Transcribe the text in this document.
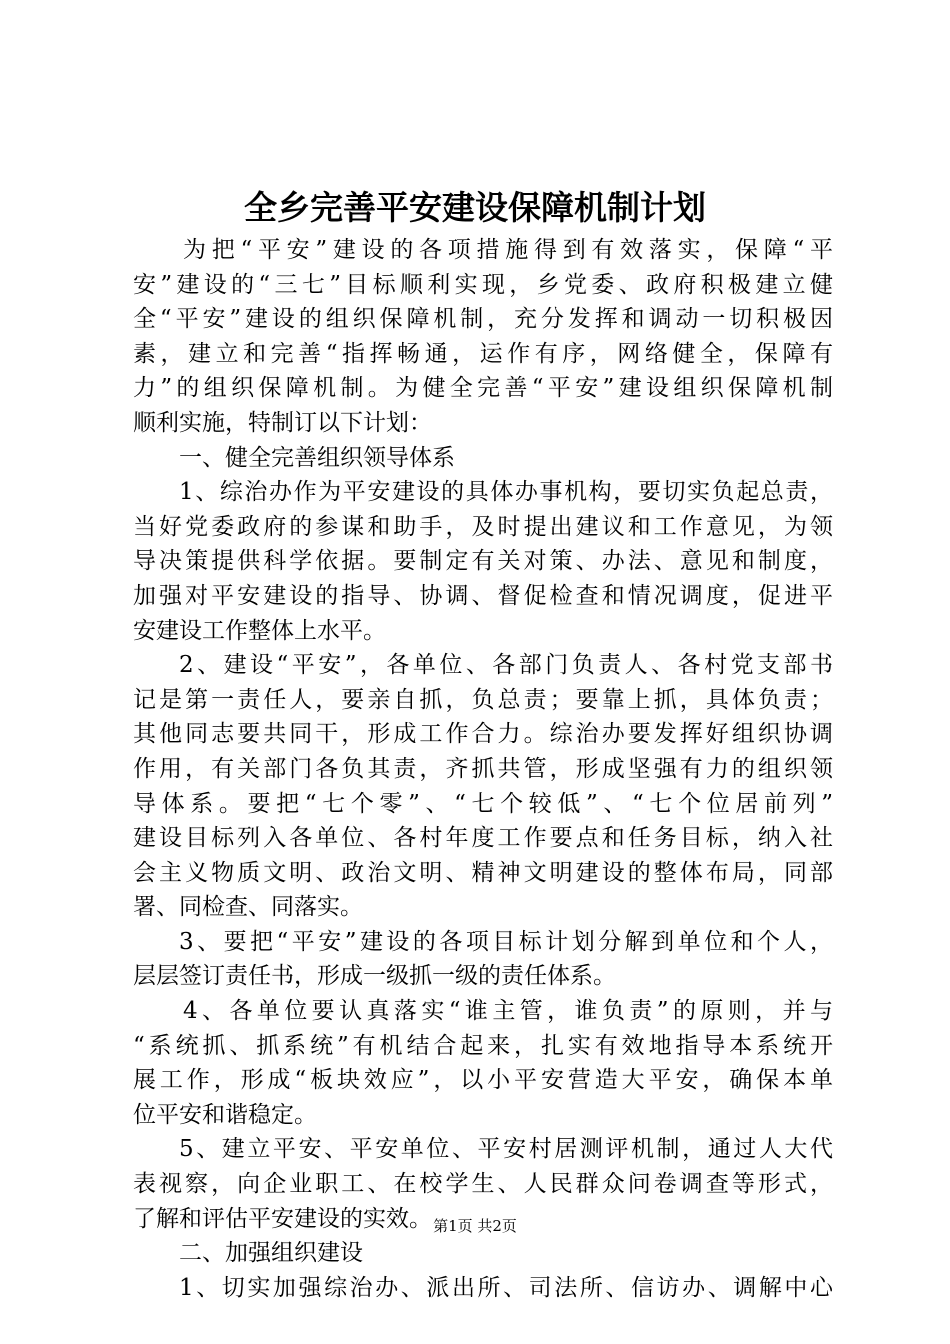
全乡完善平安建设保障机制计划
为把“平安”建设的各项措施得到有效落实，保障“平
安”建设的“三七”目标顺利实现，乡党委、政府积极建立健
全“平安”建设的组织保障机制，充分发挥和调动一切积极因
素，建立和完善“指挥畅通，运作有序，网络健全，保障有
力”的组织保障机制。为健全完善“平安”建设组织保障机制
顺利实施，特制订以下计划：
一、健全完善组织领导体系
1、综治办作为平安建设的具体办事机构，要切实负起总责，
当好党委政府的参谋和助手，及时提出建议和工作意见，为领
导决策提供科学依据。要制定有关对策、办法、意见和制度，
加强对平安建设的指导、协调、督促检查和情况调度，促进平
安建设工作整体上水平。
2、建设“平安”，各单位、各部门负责人、各村党支部书
记是第一责任人，要亲自抓，负总责；要靠上抓，具体负责；
其他同志要共同干，形成工作合力。综治办要发挥好组织协调
作用，有关部门各负其责，齐抓共管，形成坚强有力的组织领
导体系。要把“七个零”、“七个较低”、“七个位居前列”
建设目标列入各单位、各村年度工作要点和任务目标，纳入社
会主义物质文明、政治文明、精神文明建设的整体布局，同部
署、同检查、同落实。
3、要把“平安”建设的各项目标计划分解到单位和个人，
层层签订责任书，形成一级抓一级的责任体系。
4、各单位要认真落实“谁主管，谁负责”的原则，并与
“系统抓、抓系统”有机结合起来，扎实有效地指导本系统开
展工作，形成“板块效应”，以小平安营造大平安，确保本单
位平安和谐稳定。
5、建立平安、平安单位、平安村居测评机制，通过人大代
表视察，向企业职工、在校学生、人民群众问卷调查等形式，
了解和评估平安建设的实效。
二、加强组织建设
1、切实加强综治办、派出所、司法所、信访办、调解中心
第1页 共2页
